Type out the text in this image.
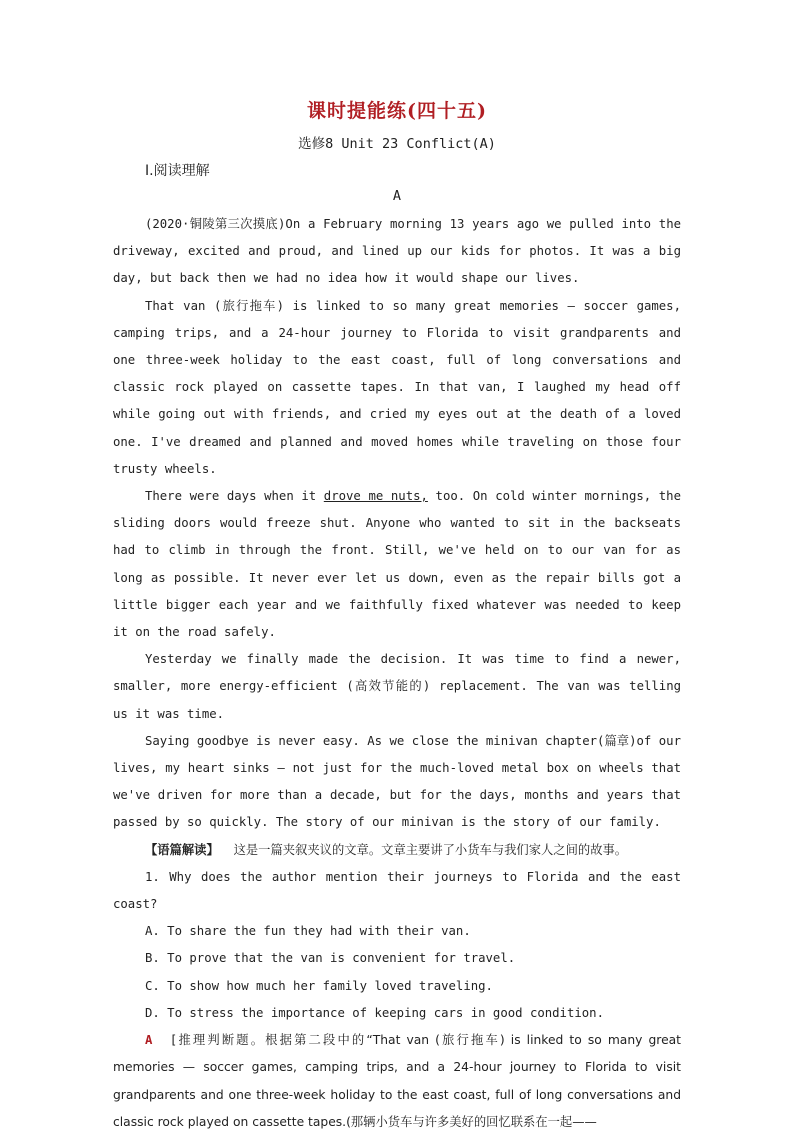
课时提能练(四十五)
选修8 Unit 23 Conflict(A)
Ⅰ.阅读理解
A

(2020·铜陵第三次摸底)On a February morning 13 years ago we pulled into the driveway, excited and proud, and lined up our kids for photos. It was a big day, but back then we had no idea how it would shape our lives.

That van (旅行拖车) is linked to so many great memories — soccer games, camping trips, and a 24-hour journey to Florida to visit grandparents and one three-week holiday to the east coast, full of long conversations and classic rock played on cassette tapes. In that van, I laughed my head off while going out with friends, and cried my eyes out at the death of a loved one. I've dreamed and planned and moved homes while traveling on those four trusty wheels.

There were days when it drove me nuts, too. On cold winter mornings, the sliding doors would freeze shut. Anyone who wanted to sit in the backseats had to climb in through the front. Still, we've held on to our van for as long as possible. It never ever let us down, even as the repair bills got a little bigger each year and we faithfully fixed whatever was needed to keep it on the road safely.

Yesterday we finally made the decision. It was time to find a newer, smaller, more energy-efficient (高效节能的) replacement. The van was telling us it was time.

Saying goodbye is never easy. As we close the minivan chapter(篇章)of our lives, my heart sinks — not just for the much-loved metal box on wheels that we've driven for more than a decade, but for the days, months and years that passed by so quickly. The story of our minivan is the story of our family.

【语篇解读】 这是一篇夹叙夹议的文章。文章主要讲了小货车与我们家人之间的故事。

1. Why does the author mention their journeys to Florida and the east coast?

A. To share the fun they had with their van.

B. To prove that the van is convenient for travel.

C. To show how much her family loved traveling.

D. To stress the importance of keeping cars in good condition.

A [推理判断题。根据第二段中的“That van (旅行拖车) is linked to so many great memories — soccer games, camping trips, and a 24-hour journey to Florida to visit grandparents and one three-week holiday to the east coast, full of long conversations and classic rock played on cassette tapes.(那辆小货车与许多美好的回忆联系在一起——
